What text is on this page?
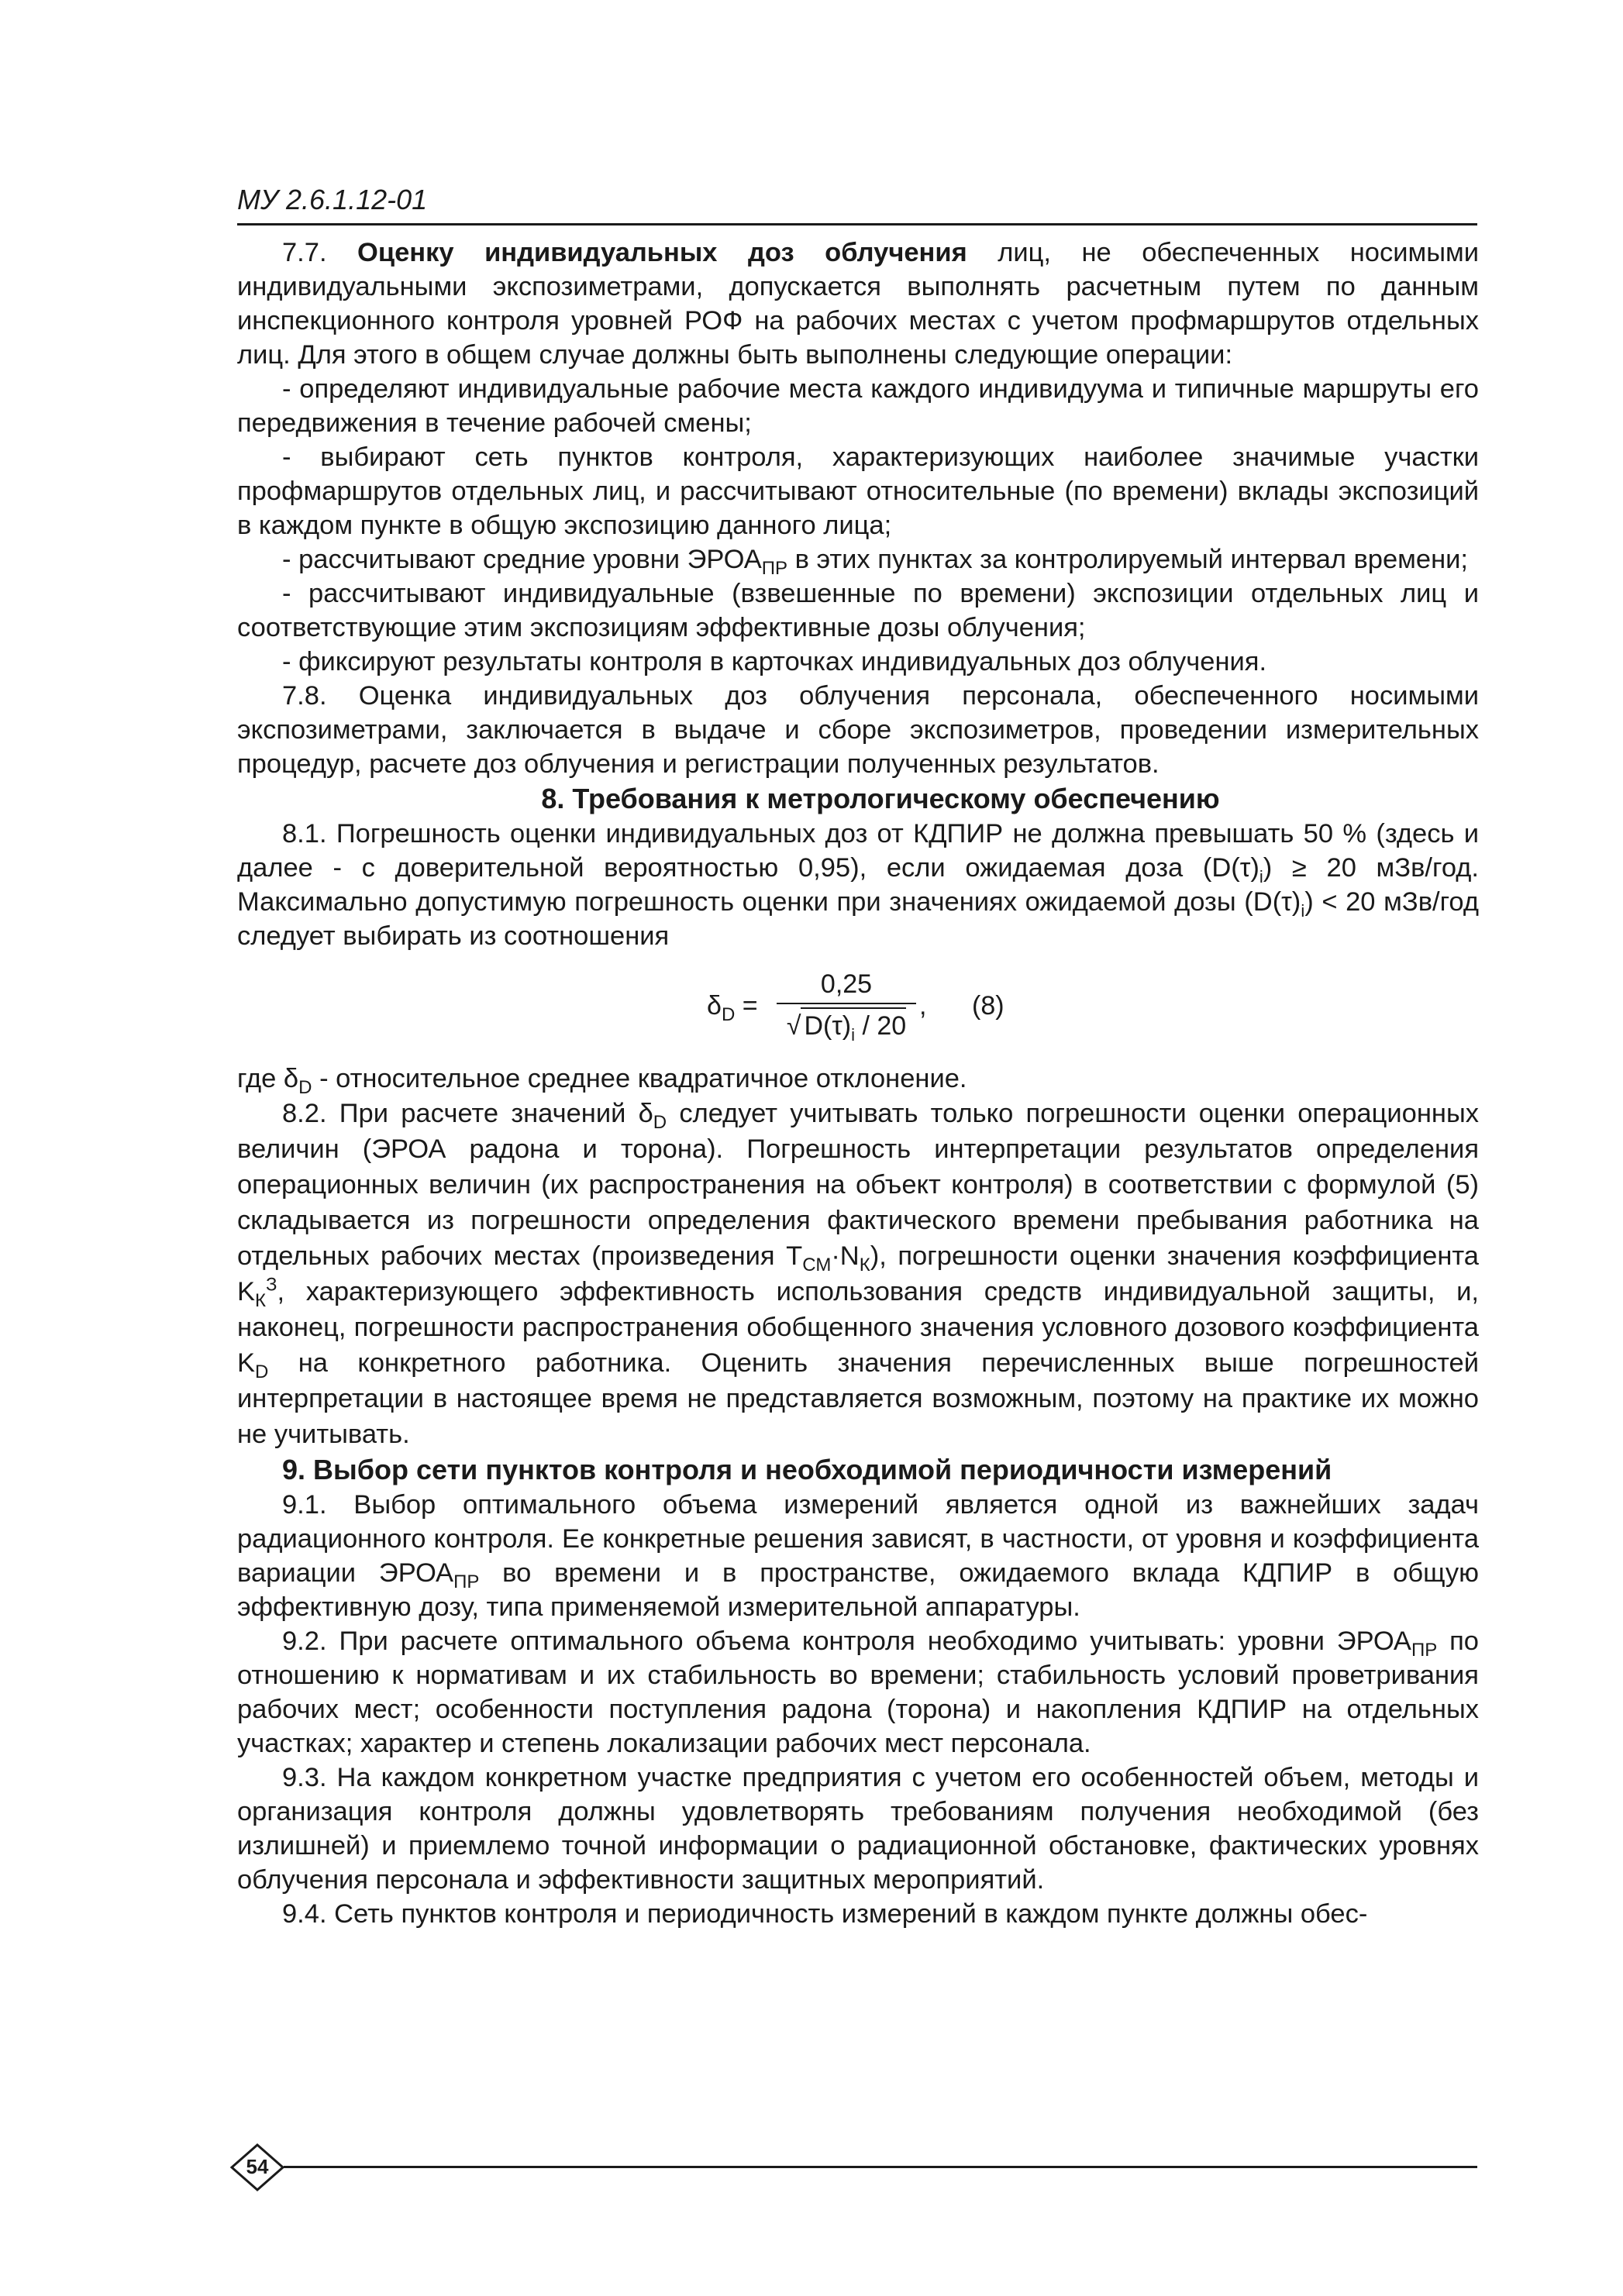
МУ 2.6.1.12-01

7.7. Оценку индивидуальных доз облучения лиц, не обеспеченных носимыми индивидуальными экспозиметрами, допускается выполнять расчетным путем по данным инспекционного контроля уровней РОФ на рабочих местах с учетом профмаршрутов отдельных лиц. Для этого в общем случае должны быть выполнены следующие операции:

- определяют индивидуальные рабочие места каждого индивидуума и типичные маршруты его передвижения в течение рабочей смены;

- выбирают сеть пунктов контроля, характеризующих наиболее значимые участки профмаршрутов отдельных лиц, и рассчитывают относительные (по времени) вклады экспозиций в каждом пункте в общую экспозицию данного лица;

- рассчитывают средние уровни $ЭРОА_{ПР}$ в этих пунктах за контролируемый интервал времени;

- рассчитывают индивидуальные (взвешенные по времени) экспозиции отдельных лиц и соответствующие этим экспозициям эффективные дозы облучения;

- фиксируют результаты контроля в карточках индивидуальных доз облучения.

7.8. Оценка индивидуальных доз облучения персонала, обеспеченного носимыми экспозиметрами, заключается в выдаче и сборе экспозиметров, проведении измерительных процедур, расчете доз облучения и регистрации полученных результатов.

8. Требования к метрологическому обеспечению

8.1. Погрешность оценки индивидуальных доз от КДПИР не должна превышать 50 % (здесь и далее - с доверительной вероятностью 0,95), если ожидаемая доза $(D(\tau)_i) \ge 20$ мЗв/год. Максимально допустимую погрешность оценки при значениях ожидаемой дозы $(D(\tau)_i) < 20$ мЗв/год следует выбирать из соотношения

$\delta_D$ =
0,25
√ $D(\tau)_i / 20$
, (8)

где $\delta_D$ - относительное среднее квадратичное отклонение.

8.2. При расчете значений $\delta_D$ следует учитывать только погрешности оценки операционных величин (ЭРОА радона и торона). Погрешность интерпретации результатов определения операционных величин (их распространения на объект контроля) в соответствии с формулой (5) складывается из погрешности определения фактического времени пребывания работника на отдельных рабочих местах (произведения $T_{СМ}\cdot N_К$), погрешности оценки значения коэффициента $K_К^З$, характеризующего эффективность использования средств индивидуальной защиты, и, наконец, погрешности распространения обобщенного значения условного дозового коэффициента $K_D$ на конкретного работника. Оценить значения перечисленных выше погрешностей интерпретации в настоящее время не представляется возможным, поэтому на практике их можно не учитывать.

9. Выбор сети пунктов контроля и необходимой периодичности измерений

9.1. Выбор оптимального объема измерений является одной из важнейших задач радиационного контроля. Ее конкретные решения зависят, в частности, от уровня и коэффициента вариации $ЭРОА_{ПР}$ во времени и в пространстве, ожидаемого вклада КДПИР в общую эффективную дозу, типа применяемой измерительной аппаратуры.

9.2. При расчете оптимального объема контроля необходимо учитывать: уровни $ЭРОА_{ПР}$ по отношению к нормативам и их стабильность во времени; стабильность условий проветривания рабочих мест; особенности поступления радона (торона) и накопления КДПИР на отдельных участках; характер и степень локализации рабочих мест персонала.

9.3. На каждом конкретном участке предприятия с учетом его особенностей объем, методы и организация контроля должны удовлетворять требованиям получения необходимой (без излишней) и приемлемо точной информации о радиационной обстановке, фактических уровнях облучения персонала и эффективности защитных мероприятий.

9.4. Сеть пунктов контроля и периодичность измерений в каждом пункте должны обес-

54
